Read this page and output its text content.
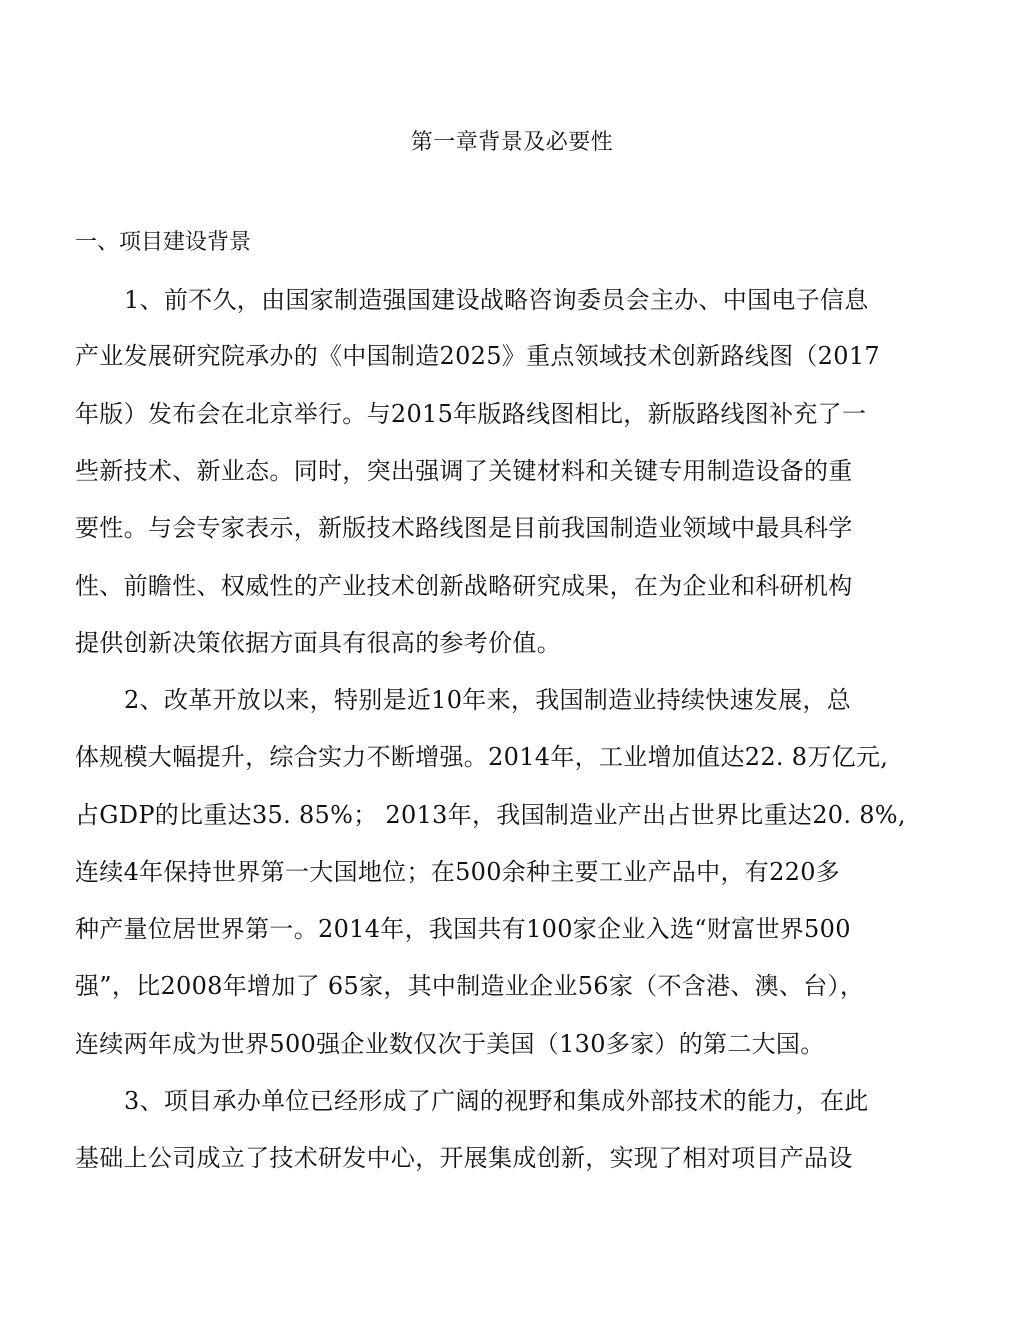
第一章背景及必要性
一、项目建设背景
1、前不久，由国家制造强国建设战略咨询委员会主办、中国电子信息
产业发展研究院承办的《中国制造2025》重点领域技术创新路线图（2017
年版）发布会在北京举行。与2015年版路线图相比，新版路线图补充了一
些新技术、新业态。同时，突出强调了关键材料和关键专用制造设备的重
要性。与会专家表示，新版技术路线图是目前我国制造业领域中最具科学
性、前瞻性、权威性的产业技术创新战略研究成果，在为企业和科研机构
提供创新决策依据方面具有很高的参考价值。
2、改革开放以来，特别是近10年来，我国制造业持续快速发展，总
体规模大幅提升，综合实力不断增强。2014年，工业增加值达22. 8万亿元,
占GDP的比重达35. 85%； 2013年，我国制造业产出占世界比重达20. 8%,
连续4年保持世界第一大国地位；在500余种主要工业产品中，有220多
种产量位居世界第一。2014年，我国共有100家企业入选“财富世界500
强”，比2008年增加了 65家，其中制造业企业56家（不含港、澳、台），
连续两年成为世界500强企业数仅次于美国（130多家）的第二大国。
3、项目承办单位已经形成了广阔的视野和集成外部技术的能力，在此
基础上公司成立了技术研发中心，开展集成创新，实现了相对项目产品设
